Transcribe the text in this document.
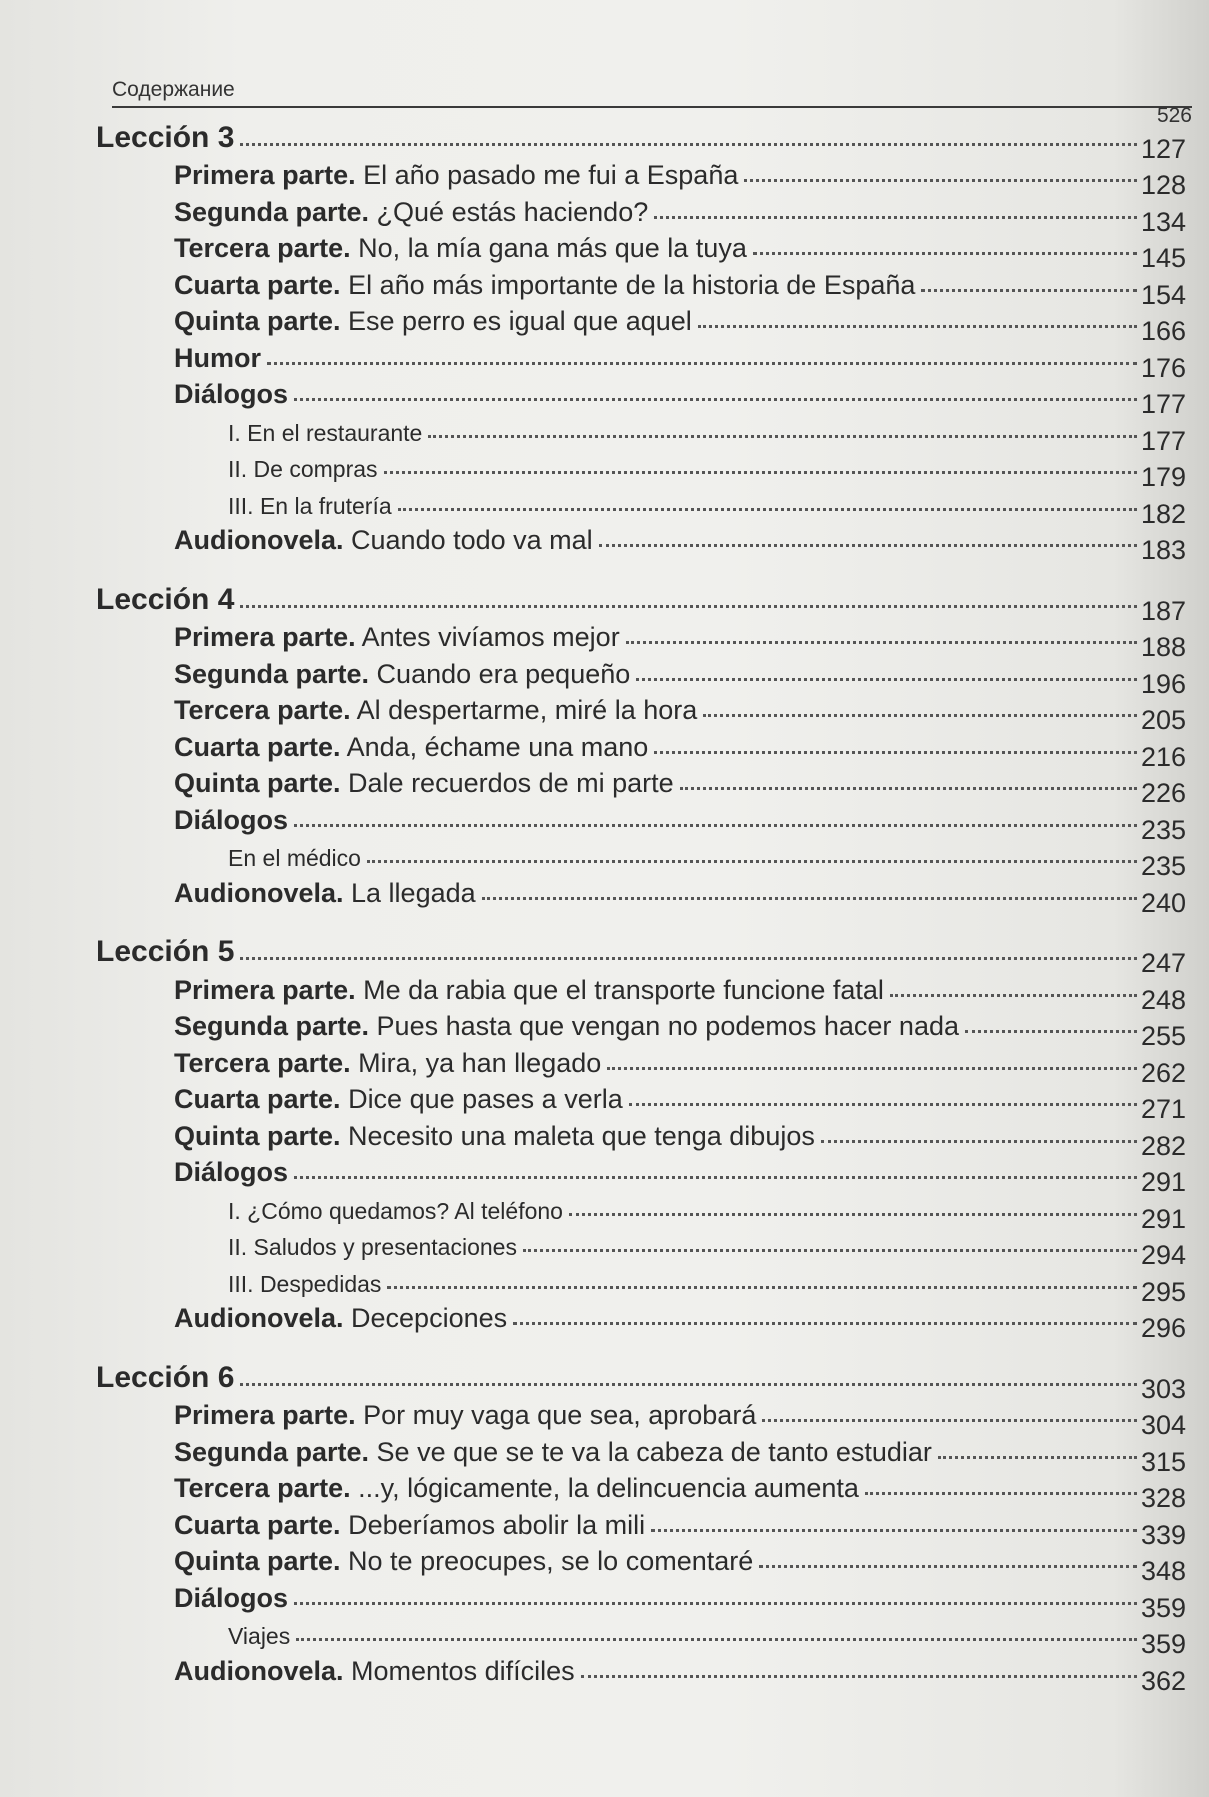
Содержание
526
Lección 3	127
Primera parte. El año pasado me fui a España	128
Segunda parte. ¿Qué estás haciendo?	134
Tercera parte. No, la mía gana más que la tuya	145
Cuarta parte. El año más importante de la historia de España	154
Quinta parte. Ese perro es igual que aquel	166
Humor	176
Diálogos	177
I. En el restaurante	177
II. De compras	179
III. En la frutería	182
Audionovela. Cuando todo va mal	183
Lección 4	187
Primera parte. Antes vivíamos mejor	188
Segunda parte. Cuando era pequeño	196
Tercera parte. Al despertarme, miré la hora	205
Cuarta parte. Anda, échame una mano	216
Quinta parte. Dale recuerdos de mi parte	226
Diálogos	235
En el médico	235
Audionovela. La llegada	240
Lección 5	247
Primera parte. Me da rabia que el transporte funcione fatal	248
Segunda parte. Pues hasta que vengan no podemos hacer nada	255
Tercera parte. Mira, ya han llegado	262
Cuarta parte. Dice que pases a verla	271
Quinta parte. Necesito una maleta que tenga dibujos	282
Diálogos	291
I. ¿Cómo quedamos? Al teléfono	291
II. Saludos y presentaciones	294
III. Despedidas	295
Audionovela. Decepciones	296
Lección 6	303
Primera parte. Por muy vaga que sea, aprobará	304
Segunda parte. Se ve que se te va la cabeza de tanto estudiar	315
Tercera parte. ...y, lógicamente, la delincuencia aumenta	328
Cuarta parte. Deberíamos abolir la mili	339
Quinta parte. No te preocupes, se lo comentaré	348
Diálogos	359
Viajes	359
Audionovela. Momentos difíciles	362
